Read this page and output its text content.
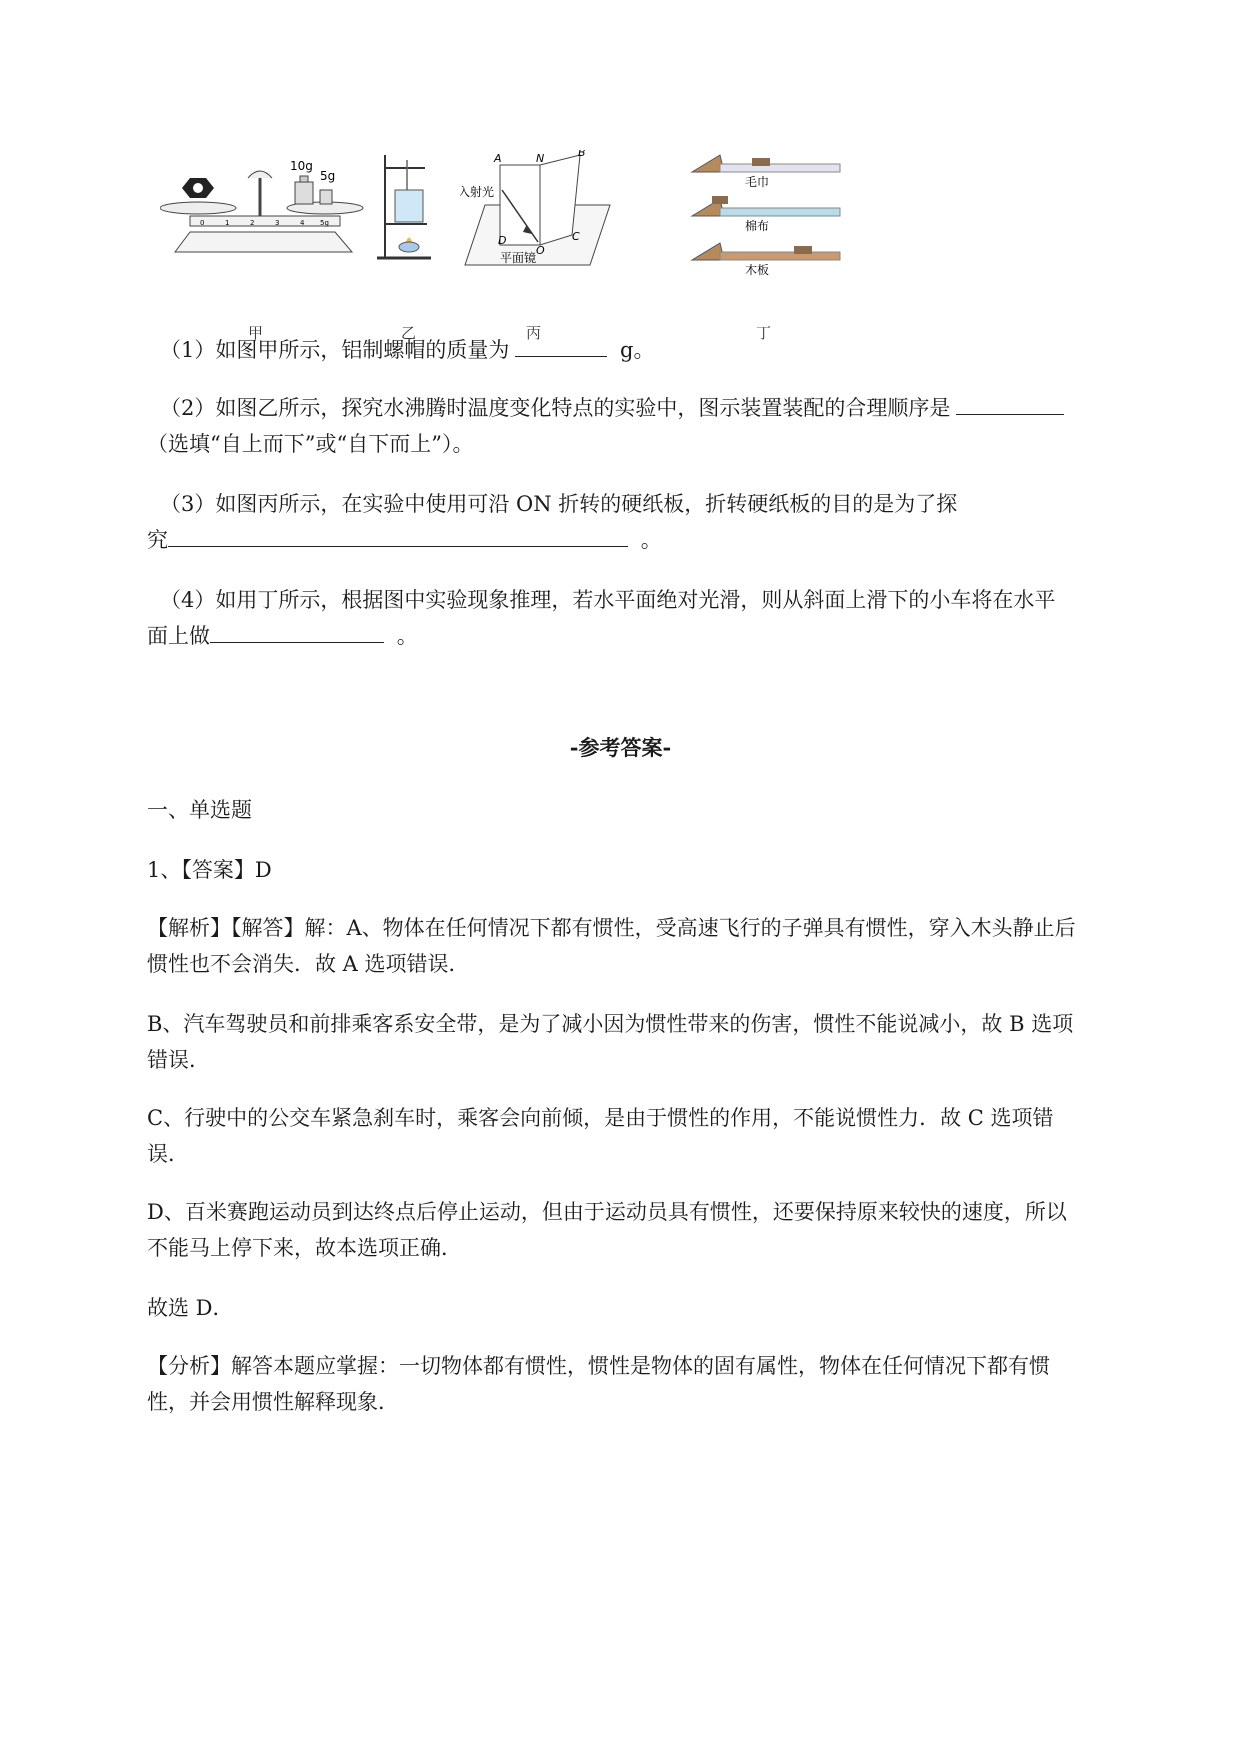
10g
5g
0	1	2	3	4 5g
甲	乙
A	N	B
D
O
C
入射光
平面镜
丙
毛巾
棉布
木板
丁
（1）如图甲所示，铝制螺帽的质量为	g。
（2）如图乙所示，探究水沸腾时温度变化特点的实验中，图示装置装配的合理顺序是
（选填“自上而下”或“自下而上”）。
（3）如图丙所示，在实验中使用可沿 ON 折转的硬纸板，折转硬纸板的目的是为了探
究	。
（4）如用丁所示，根据图中实验现象推理，若水平面绝对光滑，则从斜面上滑下的小车将在水平
面上做	。
-参考答案-
一、单选题
1、【答案】D
【解析】【解答】解：A、物体在任何情况下都有惯性，受高速飞行的子弹具有惯性，穿入木头静止后
惯性也不会消失．故 A 选项错误．
B、汽车驾驶员和前排乘客系安全带，是为了减小因为惯性带来的伤害，惯性不能说减小，故 B 选项
错误．
C、行驶中的公交车紧急刹车时，乘客会向前倾，是由于惯性的作用，不能说惯性力．故 C 选项错
误．
D、百米赛跑运动员到达终点后停止运动，但由于运动员具有惯性，还要保持原来较快的速度，所以
不能马上停下来，故本选项正确．
故选 D．
【分析】解答本题应掌握：一切物体都有惯性，惯性是物体的固有属性，物体在任何情况下都有惯
性，并会用惯性解释现象．
